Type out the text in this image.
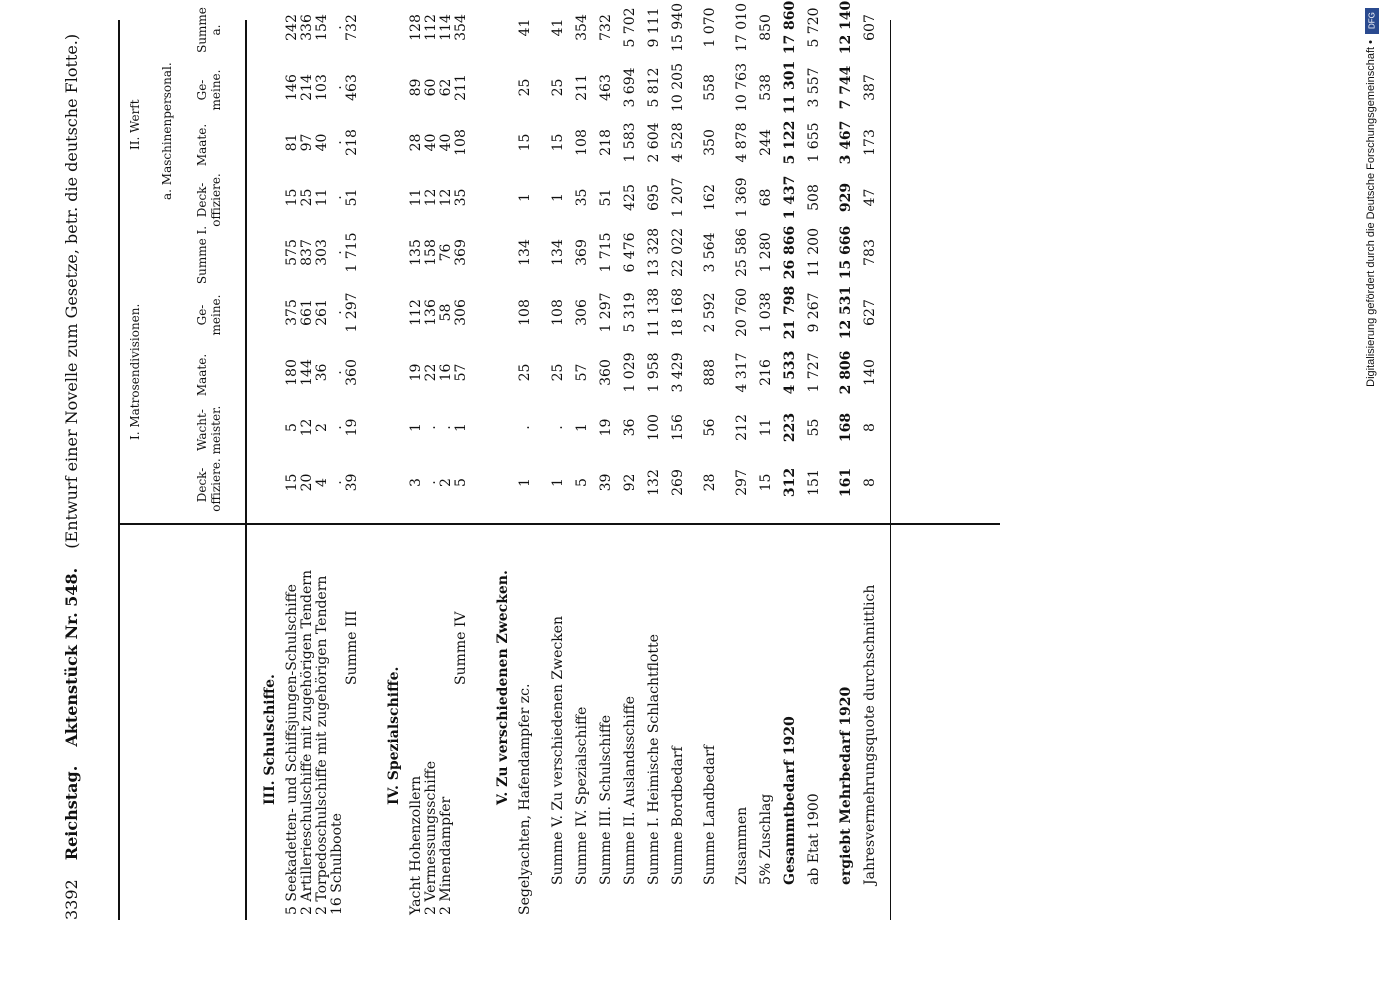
DFG
Digitalisierung gefördert durch die Deutsche Forschungsgemeinschaft •
3392 Reichstag. Aktenstück Nr. 548. (Entwurf einer Novelle zum Gesetze, betr. die deutsche Flotte.)	I. Matrosendivisionen.
II. Werft a. Maschinenpersonal.
Deck-offiziere.
Wacht-meister.
Maate.
Ge-meine.
Summe I.
Deck-offiziere.
Maate.
Ge-meine.
Summe a.
III. Schulschiffe. 5 Seekadetten- und Schiffsjungen-Schulschiffe
15
5
180
375
575
15
81
146
242
2 Artillerieschulschiffe mit zugehörigen Tendern
20
12
144
661
837
25
97
214
336
2 Torpedoschulschiffe mit zugehörigen Tendern
4
2
36
261
303
11
40
103
154
16 Schulboote
.
.
.
.
.
.
.
.
.
Summe III
39
19
360
1 297
1 715
51
218
463
732
IV. Spezialschiffe.
Yacht Hohenzollern
3
1
19
112
135
11
28
89
128
2 Vermessungsschiffe
.
.
22
136
158
12
40
60
112
2 Minendampfer
2
.
16
58
76
12
40
62
114
Summe IV
5
1
57
306
369
35
108
211
354
V. Zu verschiedenen Zwecken. Segelyachten, Hafendampfer zc.
1
.
25
108
134
1
15
25
41
Summe V. Zu verschiedenen Zwecken
1
.
25
108
134
1
15
25
41
Summe IV. Spezialschiffe
5
1
57
306
369
35
108
211
354
Summe III. Schulschiffe
39
19
360
1 297
1 715
51
218
463
732
Summe II. Auslandsschiffe
92
36
1 029
5 319
6 476
425
1 583
3 694
5 702
Summe I. Heimische Schlachtflotte
132
100
1 958
11 138
13 328
695
2 604
5 812
9 111
Summe Bordbedarf
269
156
3 429
18 168
22 022
1 207
4 528
10 205
15 940
Summe Landbedarf
28
56
888
2 592
3 564
162
350
558
1 070
Zusammen
297
212
4 317
20 760
25 586
1 369
4 878
10 763
17 010
5% Zuschlag
15
11
216
1 038
1 280
68
244
538
850
Gesammtbedarf 1920
312
223
4 533
21 798
26 866
1 437
5 122
11 301
17 860
ab Etat 1900
151
55
1 727
9 267
11 200
508
1 655
3 557
5 720
ergiebt Mehrbedarf 1920
161
168
2 806
12 531
15 666
929
3 467
7 744
12 140
Jahresvermehrungsquote durchschnittlich
8
8
140
627
783
47
173
387
607
